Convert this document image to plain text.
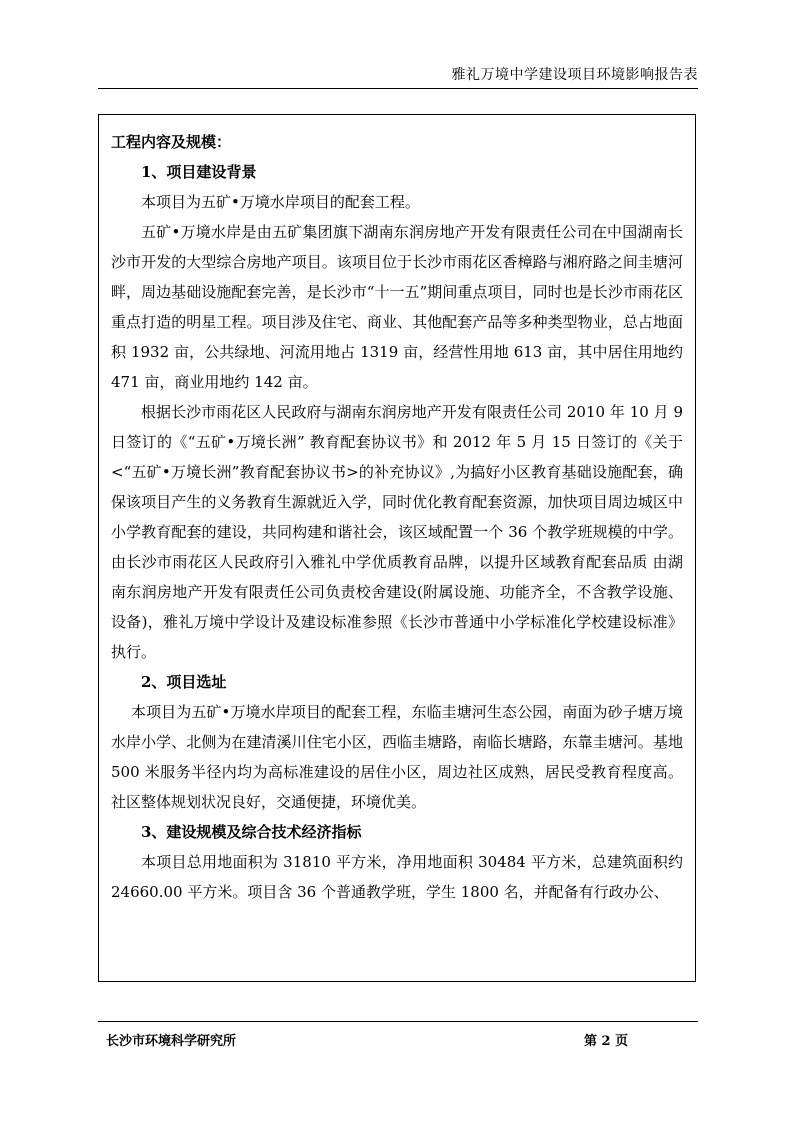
雅礼万境中学建设项目环境影响报告表

工程内容及规模：

1、项目建设背景

本项目为五矿•万境水岸项目的配套工程。

五矿•万境水岸是由五矿集团旗下湖南东润房地产开发有限责任公司在中国湖南长沙市开发的大型综合房地产项目。该项目位于长沙市雨花区香樟路与湘府路之间圭塘河畔，周边基础设施配套完善，是长沙市“十一五”期间重点项目，同时也是长沙市雨花区重点打造的明星工程。项目涉及住宅、商业、其他配套产品等多种类型物业，总占地面积 1932 亩，公共绿地、河流用地占 1319 亩，经营性用地 613 亩，其中居住用地约 471 亩，商业用地约 142 亩。

根据长沙市雨花区人民政府与湖南东润房地产开发有限责任公司 2010 年 10 月 9 日签订的《“五矿•万境长洲” 教育配套协议书》和 2012 年 5 月 15 日签订的《关于<“五矿•万境长洲”教育配套协议书>的补充协议》,为搞好小区教育基础设施配套，确保该项目产生的义务教育生源就近入学，同时优化教育配套资源，加快项目周边城区中小学教育配套的建设，共同构建和谐社会，该区域配置一个 36 个教学班规模的中学。由长沙市雨花区人民政府引入雅礼中学优质教育品牌，以提升区域教育配套品质 由湖南东润房地产开发有限责任公司负责校舍建设(附属设施、功能齐全，不含教学设施、设备)，雅礼万境中学设计及建设标准参照《长沙市普通中小学标准化学校建设标准》执行。

2、项目选址

本项目为五矿•万境水岸项目的配套工程，东临圭塘河生态公园，南面为砂子塘万境水岸小学、北侧为在建清溪川住宅小区，西临圭塘路，南临长塘路，东靠圭塘河。基地 500 米服务半径内均为高标准建设的居住小区，周边社区成熟，居民受教育程度高。社区整体规划状况良好，交通便捷，环境优美。

3、建设规模及综合技术经济指标

本项目总用地面积为 31810 平方米，净用地面积 30484 平方米，总建筑面积约 24660.00 平方米。项目含 36 个普通教学班，学生 1800 名，并配备有行政办公、

长沙市环境科学研究所	第 2 页
